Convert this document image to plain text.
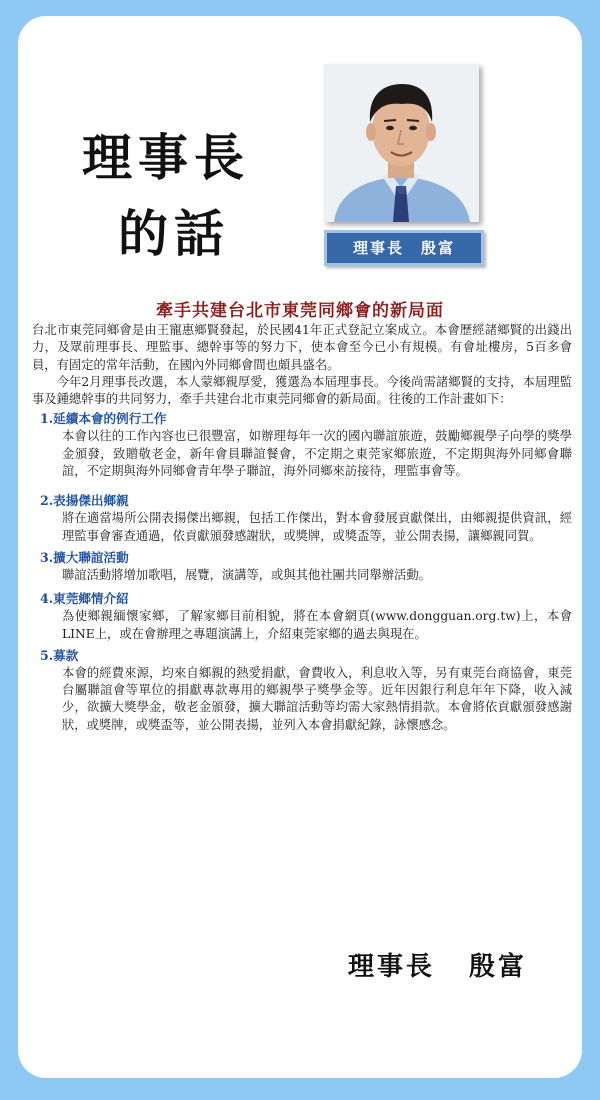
理事長
的話	理事長　殷富
牽手共建台北市東莞同鄉會的新局面

台北市東莞同鄉會是由王寵惠鄉賢發起，於民國41年正式登記立案成立。本會歷經諸鄉賢的出錢出力，及眾前理事長、理監事、總幹事等的努力下，使本會至今已小有規模。有會址樓房，5百多會員，有固定的常年活動，在國內外同鄉會間也頗具盛名。

今年2月理事長改選，本人蒙鄉親厚愛，獲選為本屆理事長。今後尚需諸鄉賢的支持，本屆理監事及鍾總幹事的共同努力，牽手共建台北市東莞同鄉會的新局面。往後的工作計畫如下：

1.延續本會的例行工作
本會以往的工作內容也已很豐富，如辦理每年一次的國內聯誼旅遊，鼓勵鄉親學子向學的獎學金頒發，致贈敬老金，新年會員聯誼餐會，不定期之東莞家鄉旅遊，不定期與海外同鄉會聯誼，不定期與海外同鄉會青年學子聯誼，海外同鄉來訪接待，理監事會等。
2.表揚傑出鄉親
將在適當場所公開表揚傑出鄉親，包括工作傑出，對本會發展貢獻傑出，由鄉親提供資訊，經理監事會審查通過，依貢獻頒發感謝狀，或獎牌，或獎盃等，並公開表揚，讓鄉親同賀。
3.擴大聯誼活動
聯誼活動將增加歌唱，展覽，演講等，或與其他社團共同舉辦活動。
4.東莞鄉情介紹
為使鄉親緬懷家鄉，了解家鄉目前相貌，將在本會網頁(www.dongguan.org.tw)上，本會LINE上，或在會辦理之專題演講上，介紹東莞家鄉的過去與現在。
5.募款
本會的經費來源，均來自鄉親的熱愛捐獻，會費收入，利息收入等，另有東莞台商協會，東莞台屬聯誼會等單位的捐獻專款專用的鄉親學子獎學金等。近年因銀行利息年年下降，收入減少，欲擴大獎學金，敬老金頒發，擴大聯誼活動等均需大家熱情捐款。本會將依貢獻頒發感謝狀，或獎牌，或獎盃等，並公開表揚，並列入本會捐獻紀錄，詠懷感念。
理事長 殷富
